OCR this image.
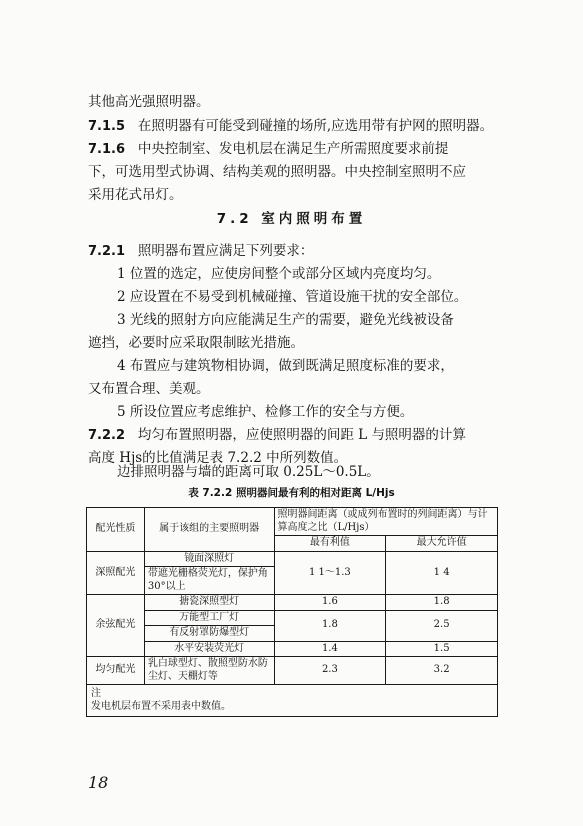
其他高光强照明器。
7.1.5 在照明器有可能受到碰撞的场所,应选用带有护网的照明器。
7.1.6 中央控制室、发电机层在满足生产所需照度要求前提
下，可选用型式协调、结构美观的照明器。中央控制室照明不应
采用花式吊灯。
7.2 室内照明布置
7.2.1 照明器布置应满足下列要求：
1 位置的选定，应使房间整个或部分区域内亮度均匀。
2 应设置在不易受到机械碰撞、管道设施干扰的安全部位。
3 光线的照射方向应能满足生产的需要，避免光线被设备
遮挡，必要时应采取限制眩光措施。
4 布置应与建筑物相协调，做到既满足照度标准的要求，
又布置合理、美观。
5 所设位置应考虑维护、检修工作的安全与方便。
7.2.2 均匀布置照明器，应使照明器的间距 L 与照明器的计算
高度 Hjs的比值满足表 7.2.2 中所列数值。
边排照明器与墙的距离可取 0.25L～0.5L。
表 7.2.2 照明器间最有利的相对距离 L/Hjs
配光性质	属于该组的主要照明器	照明器间距离（或成列布置时的列间距离）与计算高度之比（L/Hjs）	
		最有利值	最大允许值
深照配光	镜面深照灯	1 1～1.3	1 4
	带遮光栅格荧光灯，保护角 30°以上		
余弦配光	搪瓷深照型灯	1.6	1.8
	万能型工厂灯	1.8	2.5
	有反射罩防爆型灯		
	水平安装荧光灯	1.4	1.5
均匀配光	乳白球型灯、散照型防水防尘灯、天棚灯等	2.3	3.2

注
发电机层布置不采用表中数值。			
18
